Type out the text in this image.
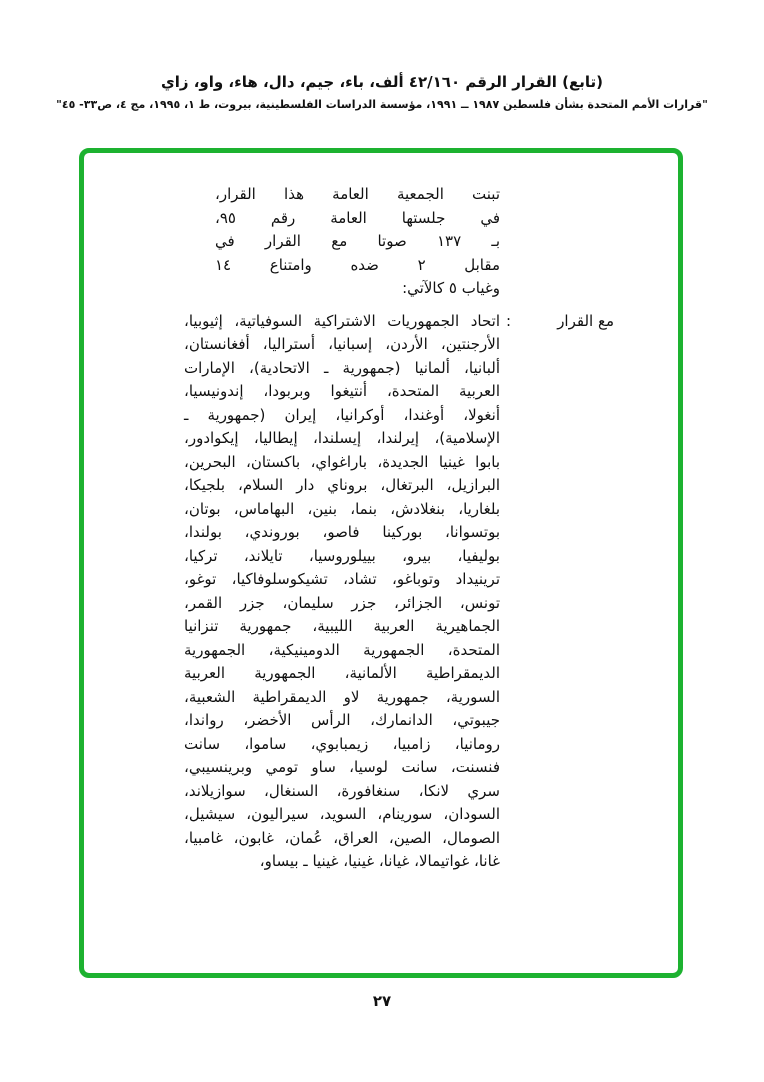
(تابع) القرار الرقم ٤٢/١٦٠ ألف، باء، جيم، دال، هاء، واو، زاي
"قرارات الأمم المتحدة بشأن فلسطين ١٩٨٧ ــ ١٩٩١، مؤسسة الدراسات الفلسطينية، بيروت، ط ١، ١٩٩٥، مج ٤، ص٣٣- ٤٥"
تبنت الجمعية العامة هذا القرار،
في جلستها العامة رقم ٩٥،
بـ ١٣٧ صوتا مع القرار في
مقابل ٢ ضده وامتناع ١٤
وغياب ٥ كالآتي:
مع القرار
:
اتحاد الجمهوريات الاشتراكية السوفياتية، إثيوبيا،
الأرجنتين، الأردن، إسبانيا، أستراليا، أفغانستان،
ألبانيا، ألمانيا (جمهورية ـ الاتحادية)، الإمارات
العربية المتحدة، أنتيغوا وبربودا، إندونيسيا،
أنغولا، أوغندا، أوكرانيا، إيران (جمهورية ـ
الإسلامية)، إيرلندا، إيسلندا، إيطاليا، إيكوادور،
بابوا غينيا الجديدة، باراغواي، باكستان، البحرين،
البرازيل، البرتغال، بروناي دار السلام، بلجيكا،
بلغاريا، بنغلادش، بنما، بنين، البهاماس، بوتان،
بوتسوانا، بوركينا فاصو، بوروندي، بولندا،
بوليفيا، بيرو، بييلوروسيا، تايلاند، تركيا،
ترينيداد وتوباغو، تشاد، تشيكوسلوفاكيا، توغو،
تونس، الجزائر، جزر سليمان، جزر القمر،
الجماهيرية العربية الليبية، جمهورية تنزانيا
المتحدة، الجمهورية الدومينيكية، الجمهورية
الديمقراطية الألمانية، الجمهورية العربية
السورية، جمهورية لاو الديمقراطية الشعبية،
جيبوتي، الدانمارك، الرأس الأخضر، رواندا،
رومانيا، زامبيا، زيمبابوي، ساموا، سانت
فنسنت، سانت لوسيا، ساو تومي وبرينسيبي،
سري لانكا، سنغافورة، السنغال، سوازيلاند،
السودان، سورينام، السويد، سيراليون، سيشيل،
الصومال، الصين، العراق، عُمان، غابون، غامبيا،
غانا، غواتيمالا، غيانا، غينيا، غينيا ـ بيساو،
٢٧
